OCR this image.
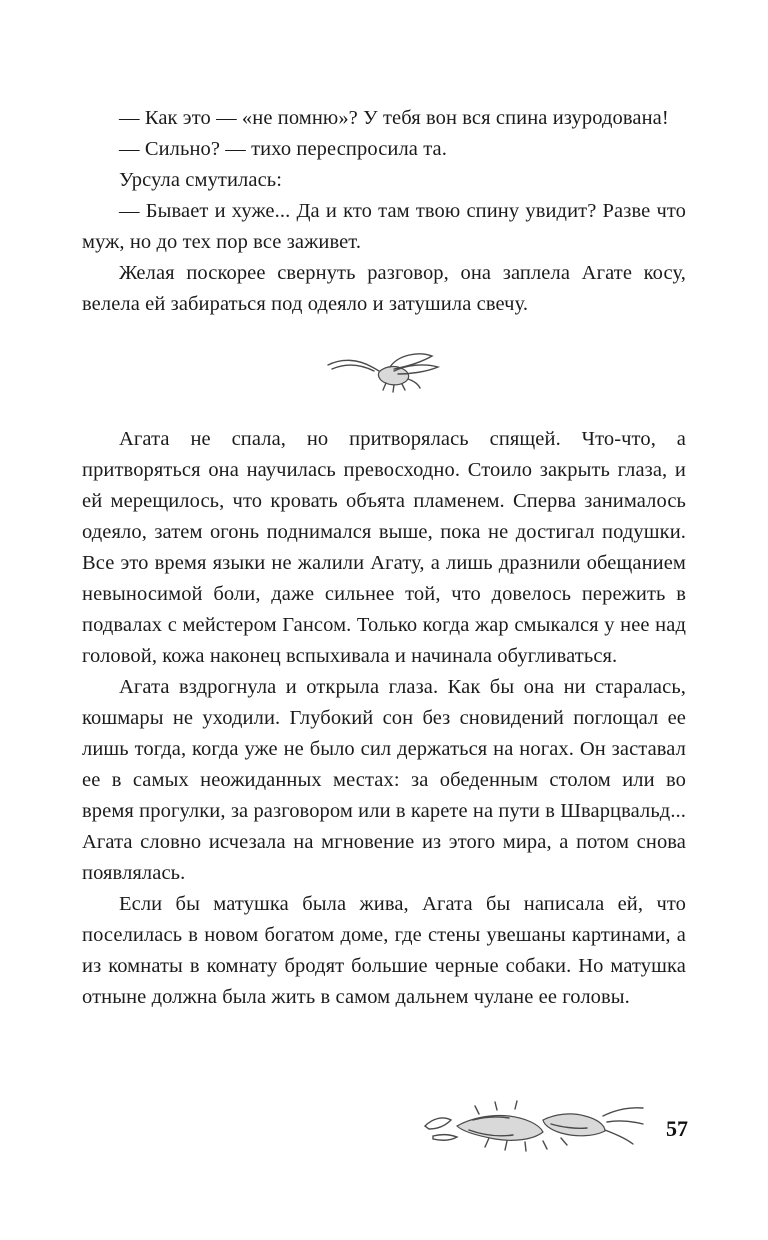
— Как это — «не помню»? У тебя вон вся спина изуродована!

— Сильно? — тихо переспросила та.

Урсула смутилась:

— Бывает и хуже... Да и кто там твою спину увидит? Разве что муж, но до тех пор все заживет.

Желая поскорее свернуть разговор, она заплела Агате косу, велела ей забираться под одеяло и затушила свечу.

Агата не спала, но притворялась спящей. Что-что, а притворяться она научилась превосходно. Стоило закрыть глаза, и ей мерещилось, что кровать объята пламенем. Сперва занималось одеяло, затем огонь поднимался выше, пока не достигал подушки. Все это время языки не жалили Агату, а лишь дразнили обещанием невыносимой боли, даже сильнее той, что довелось пережить в подвалах с мейстером Гансом. Только когда жар смыкался у нее над головой, кожа наконец вспыхивала и начинала обугливаться.

Агата вздрогнула и открыла глаза. Как бы она ни старалась, кошмары не уходили. Глубокий сон без сновидений поглощал ее лишь тогда, когда уже не было сил держаться на ногах. Он заставал ее в самых неожиданных местах: за обеденным столом или во время прогулки, за разговором или в карете на пути в Шварцвальд... Агата словно исчезала на мгновение из этого мира, а потом снова появлялась.

Если бы матушка была жива, Агата бы написала ей, что поселилась в новом богатом доме, где стены увешаны картинами, а из комнаты в комнату бродят большие черные собаки. Но матушка отныне должна была жить в самом дальнем чулане ее головы.

57
